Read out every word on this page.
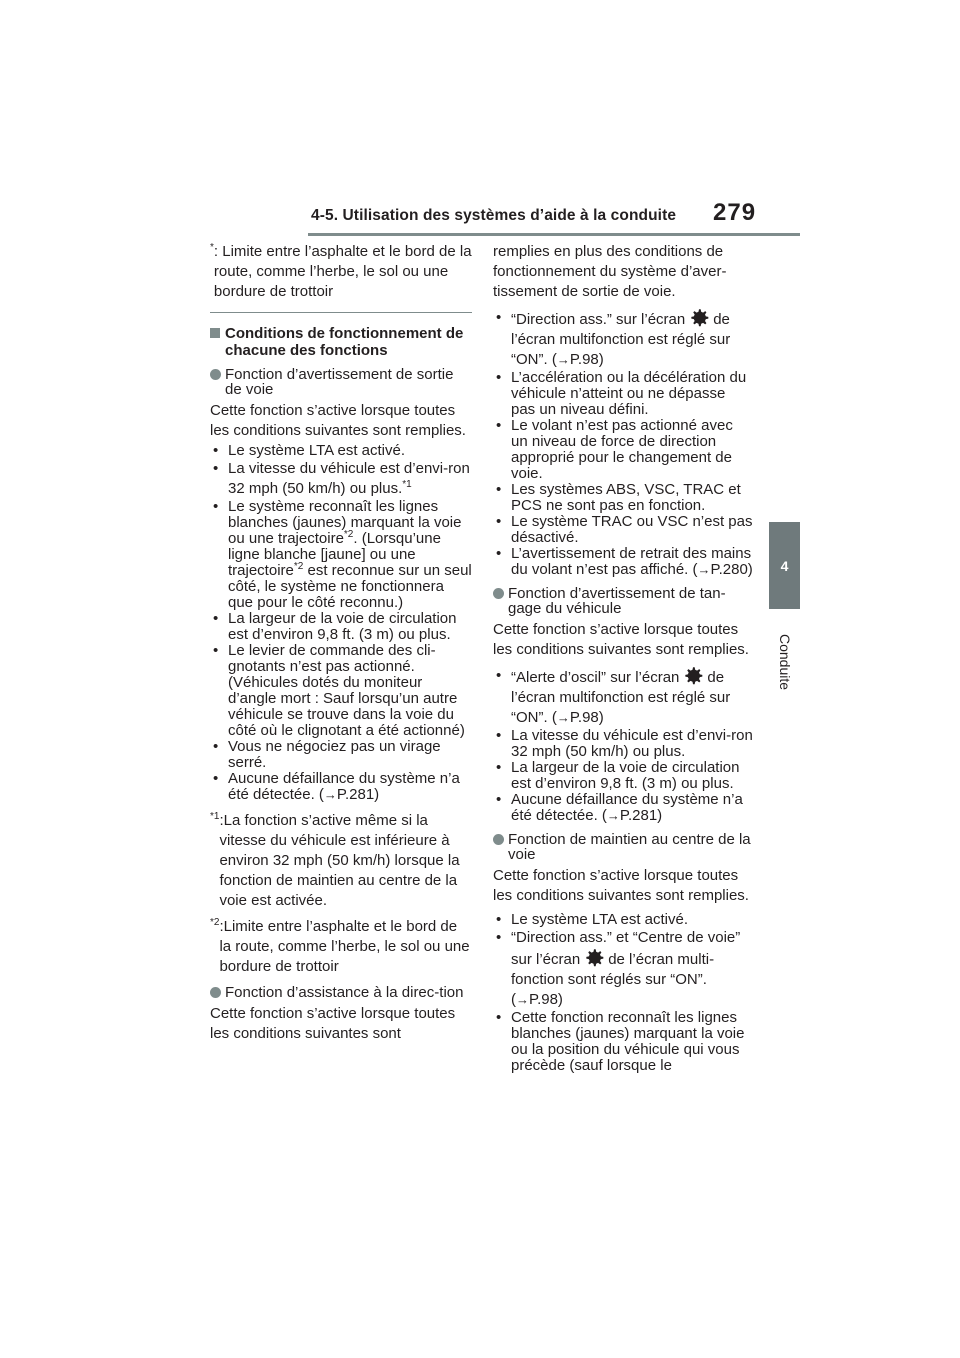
4-5. Utilisation des systèmes d’aide à la conduite 279
4
Conduite
* : Limite entre l’asphalte et le bord de la route, comme l’herbe, le sol ou une bordure de trottoir
Conditions de fonctionnement de chacune des fonctions
Fonction d’avertissement de sortie de voie
Cette fonction s’active lorsque toutes les conditions suivantes sont remplies.
• Le système LTA est activé.
• La vitesse du véhicule est d’envi-ron 32 mph (50 km/h) ou plus.$^{*1}$
• Le système reconnaît les lignes blanches (jaunes) marquant la voie ou une trajectoire$^{*2}$. (Lorsqu’une ligne blanche [jaune] ou une trajectoire$^{*2}$ est reconnue sur un seul côté, le système ne fonctionnera que pour le côté reconnu.)
• La largeur de la voie de circulation est d’environ 9,8 ft. (3 m) ou plus.
• Le levier de commande des cli-gnotants n’est pas actionné. (Véhicules dotés du moniteur d’angle mort : Sauf lorsqu’un autre véhicule se trouve dans la voie du côté où le clignotant a été actionné)
• Vous ne négociez pas un virage serré.
• Aucune défaillance du système n’a été détectée. (→P.281)
$^{*1}$ :La fonction s’active même si la vitesse du véhicule est inférieure à environ 32 mph (50 km/h) lorsque la fonction de maintien au centre de la voie est activée.
$^{*2}$ :Limite entre l’asphalte et le bord de la route, comme l’herbe, le sol ou une bordure de trottoir
Fonction d’assistance à la direc-tion
Cette fonction s’active lorsque toutes les conditions suivantes sont
remplies en plus des conditions de fonctionnement du système d’aver-tissement de sortie de voie.
• “Direction ass.” sur l’écran de l’écran multifonction est réglé sur “ON”. (→P.98)
• L’accélération ou la décélération du véhicule n’atteint ou ne dépasse pas un niveau défini.
• Le volant n’est pas actionné avec un niveau de force de direction approprié pour le changement de voie.
• Les systèmes ABS, VSC, TRAC et PCS ne sont pas en fonction.
• Le système TRAC ou VSC n’est pas désactivé.
• L’avertissement de retrait des mains du volant n’est pas affiché. (→P.280)
Fonction d’avertissement de tan-gage du véhicule
Cette fonction s’active lorsque toutes les conditions suivantes sont remplies.
• “Alerte d’oscil” sur l’écran de l’écran multifonction est réglé sur “ON”. (→P.98)
• La vitesse du véhicule est d’envi-ron 32 mph (50 km/h) ou plus.
• La largeur de la voie de circulation est d’environ 9,8 ft. (3 m) ou plus.
• Aucune défaillance du système n’a été détectée. (→P.281)
Fonction de maintien au centre de la voie
Cette fonction s’active lorsque toutes les conditions suivantes sont remplies.
• Le système LTA est activé.
• “Direction ass.” et “Centre de voie”
sur l’écran de l’écran multi-fonction sont réglés sur “ON”.
(→P.98)
• Cette fonction reconnaît les lignes blanches (jaunes) marquant la voie ou la position du véhicule qui vous précède (sauf lorsque le
